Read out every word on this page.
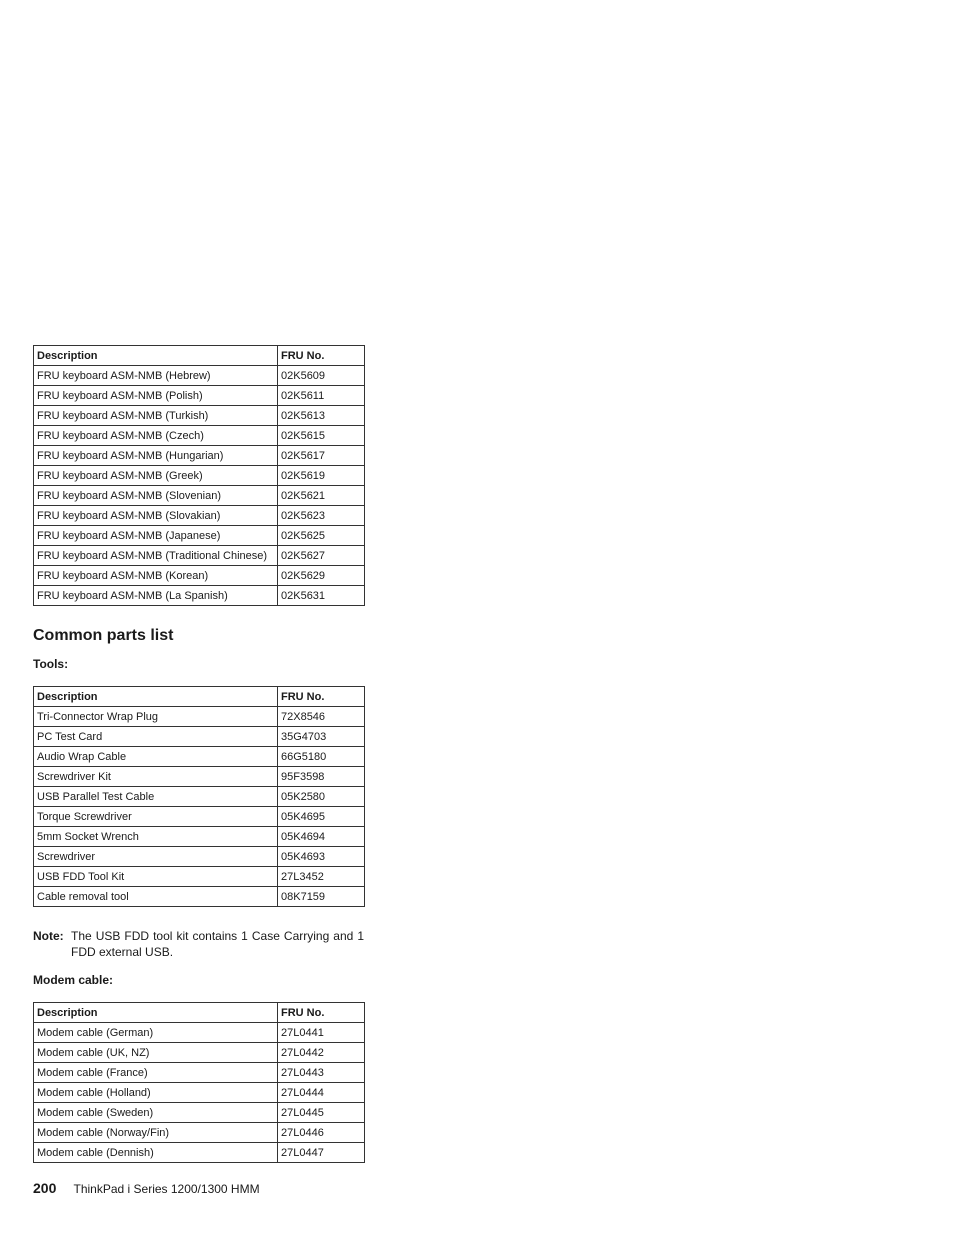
Description	FRU No.
FRU keyboard ASM-NMB (Hebrew)	02K5609
FRU keyboard ASM-NMB (Polish)	02K5611
FRU keyboard ASM-NMB (Turkish)	02K5613
FRU keyboard ASM-NMB (Czech)	02K5615
FRU keyboard ASM-NMB (Hungarian)	02K5617
FRU keyboard ASM-NMB (Greek)	02K5619
FRU keyboard ASM-NMB (Slovenian)	02K5621
FRU keyboard ASM-NMB (Slovakian)	02K5623
FRU keyboard ASM-NMB (Japanese)	02K5625
FRU keyboard ASM-NMB (Traditional Chinese)	02K5627
FRU keyboard ASM-NMB (Korean)	02K5629
FRU keyboard ASM-NMB (La Spanish)	02K5631
Common parts list
Tools:
Description	FRU No.
Tri-Connector Wrap Plug	72X8546
PC Test Card	35G4703
Audio Wrap Cable	66G5180
Screwdriver Kit	95F3598
USB Parallel Test Cable	05K2580
Torque Screwdriver	05K4695
5mm Socket Wrench	05K4694
Screwdriver	05K4693
USB FDD Tool Kit	27L3452
Cable removal tool	08K7159
Note: The USB FDD tool kit contains 1 Case Carrying and 1 FDD external USB.
Modem cable:
Description	FRU No.
Modem cable (German)	27L0441
Modem cable (UK, NZ)	27L0442
Modem cable (France)	27L0443
Modem cable (Holland)	27L0444
Modem cable (Sweden)	27L0445
Modem cable (Norway/Fin)	27L0446
Modem cable (Dennish)	27L0447
200 ThinkPad i Series 1200/1300 HMM
